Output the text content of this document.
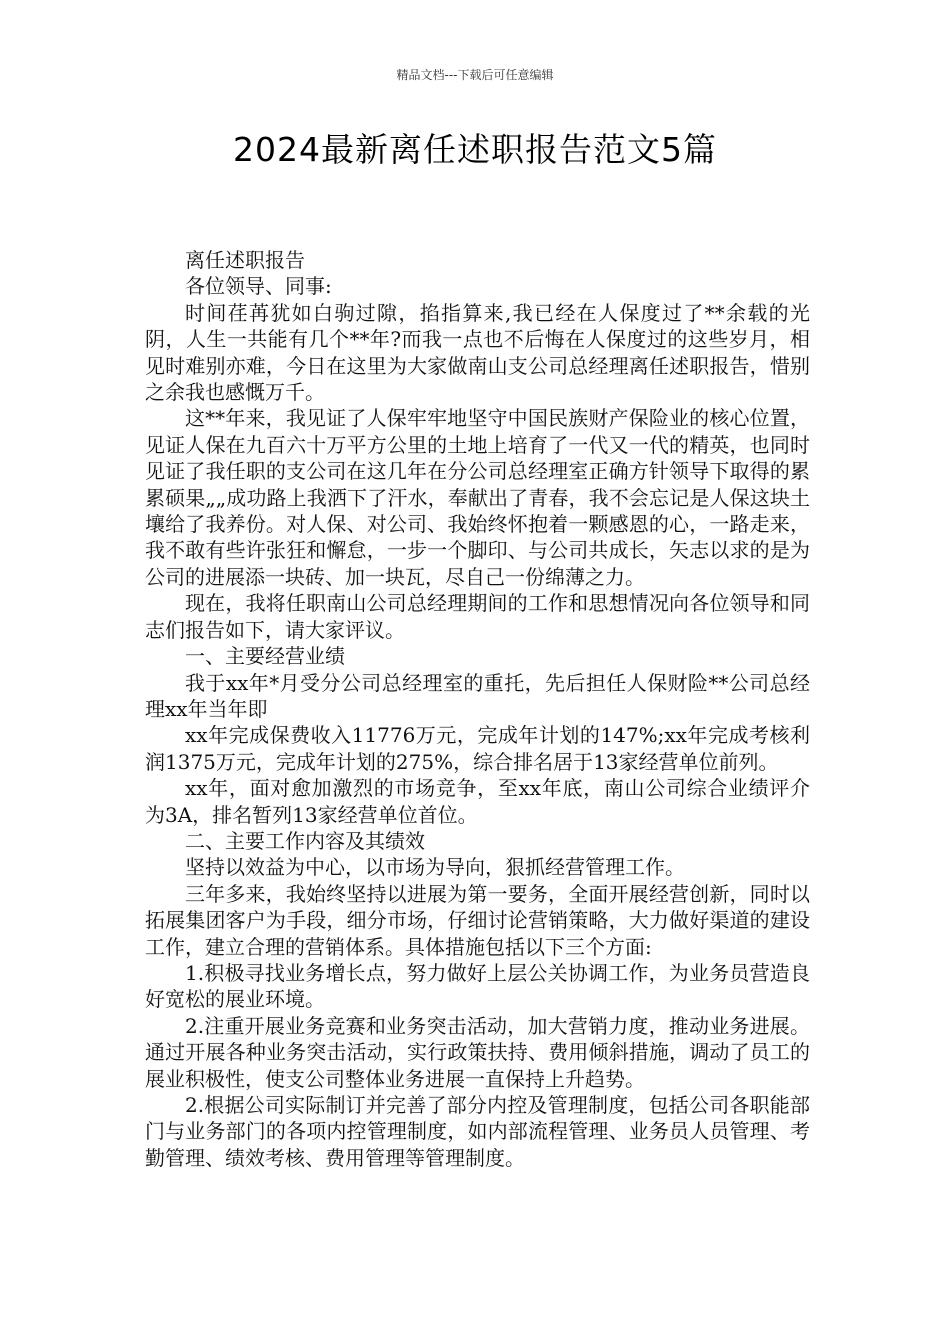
精品文档---下载后可任意编辑
2024最新离任述职报告范文5篇

离任述职报告

各位领导、同事:

时间荏苒犹如白驹过隙，掐指算来,我已经在人保度过了**余载的光阴，人生一共能有几个**年?而我一点也不后悔在人保度过的这些岁月，相见时难别亦难，今日在这里为大家做南山支公司总经理离任述职报告，惜别之余我也感慨万千。

这**年来，我见证了人保牢牢地坚守中国民族财产保险业的核心位置，见证人保在九百六十万平方公里的土地上培育了一代又一代的精英，也同时见证了我任职的支公司在这几年在分公司总经理室正确方针领导下取得的累累硕果„„成功路上我洒下了汗水，奉献出了青春，我不会忘记是人保这块土壤给了我养份。对人保、对公司、我始终怀抱着一颗感恩的心，一路走来，我不敢有些许张狂和懈怠，一步一个脚印、与公司共成长，矢志以求的是为公司的进展添一块砖、加一块瓦，尽自己一份绵薄之力。

现在，我将任职南山公司总经理期间的工作和思想情况向各位领导和同志们报告如下，请大家评议。

一、主要经营业绩

我于xx年*月受分公司总经理室的重托，先后担任人保财险**公司总经理xx年当年即

xx年完成保费收入11776万元，完成年计划的147%;xx年完成考核利润1375万元，完成年计划的275%，综合排名居于13家经营单位前列。

xx年，面对愈加激烈的市场竞争，至xx年底，南山公司综合业绩评介为3A，排名暂列13家经营单位首位。

二、主要工作内容及其绩效

坚持以效益为中心，以市场为导向，狠抓经营管理工作。

三年多来，我始终坚持以进展为第一要务，全面开展经营创新，同时以拓展集团客户为手段，细分市场，仔细讨论营销策略，大力做好渠道的建设工作，建立合理的营销体系。具体措施包括以下三个方面:

1.积极寻找业务增长点，努力做好上层公关协调工作，为业务员营造良好宽松的展业环境。

2.注重开展业务竞赛和业务突击活动，加大营销力度，推动业务进展。通过开展各种业务突击活动，实行政策扶持、费用倾斜措施，调动了员工的展业积极性，使支公司整体业务进展一直保持上升趋势。

2.根据公司实际制订并完善了部分内控及管理制度，包括公司各职能部门与业务部门的各项内控管理制度，如内部流程管理、业务员人员管理、考勤管理、绩效考核、费用管理等管理制度。
